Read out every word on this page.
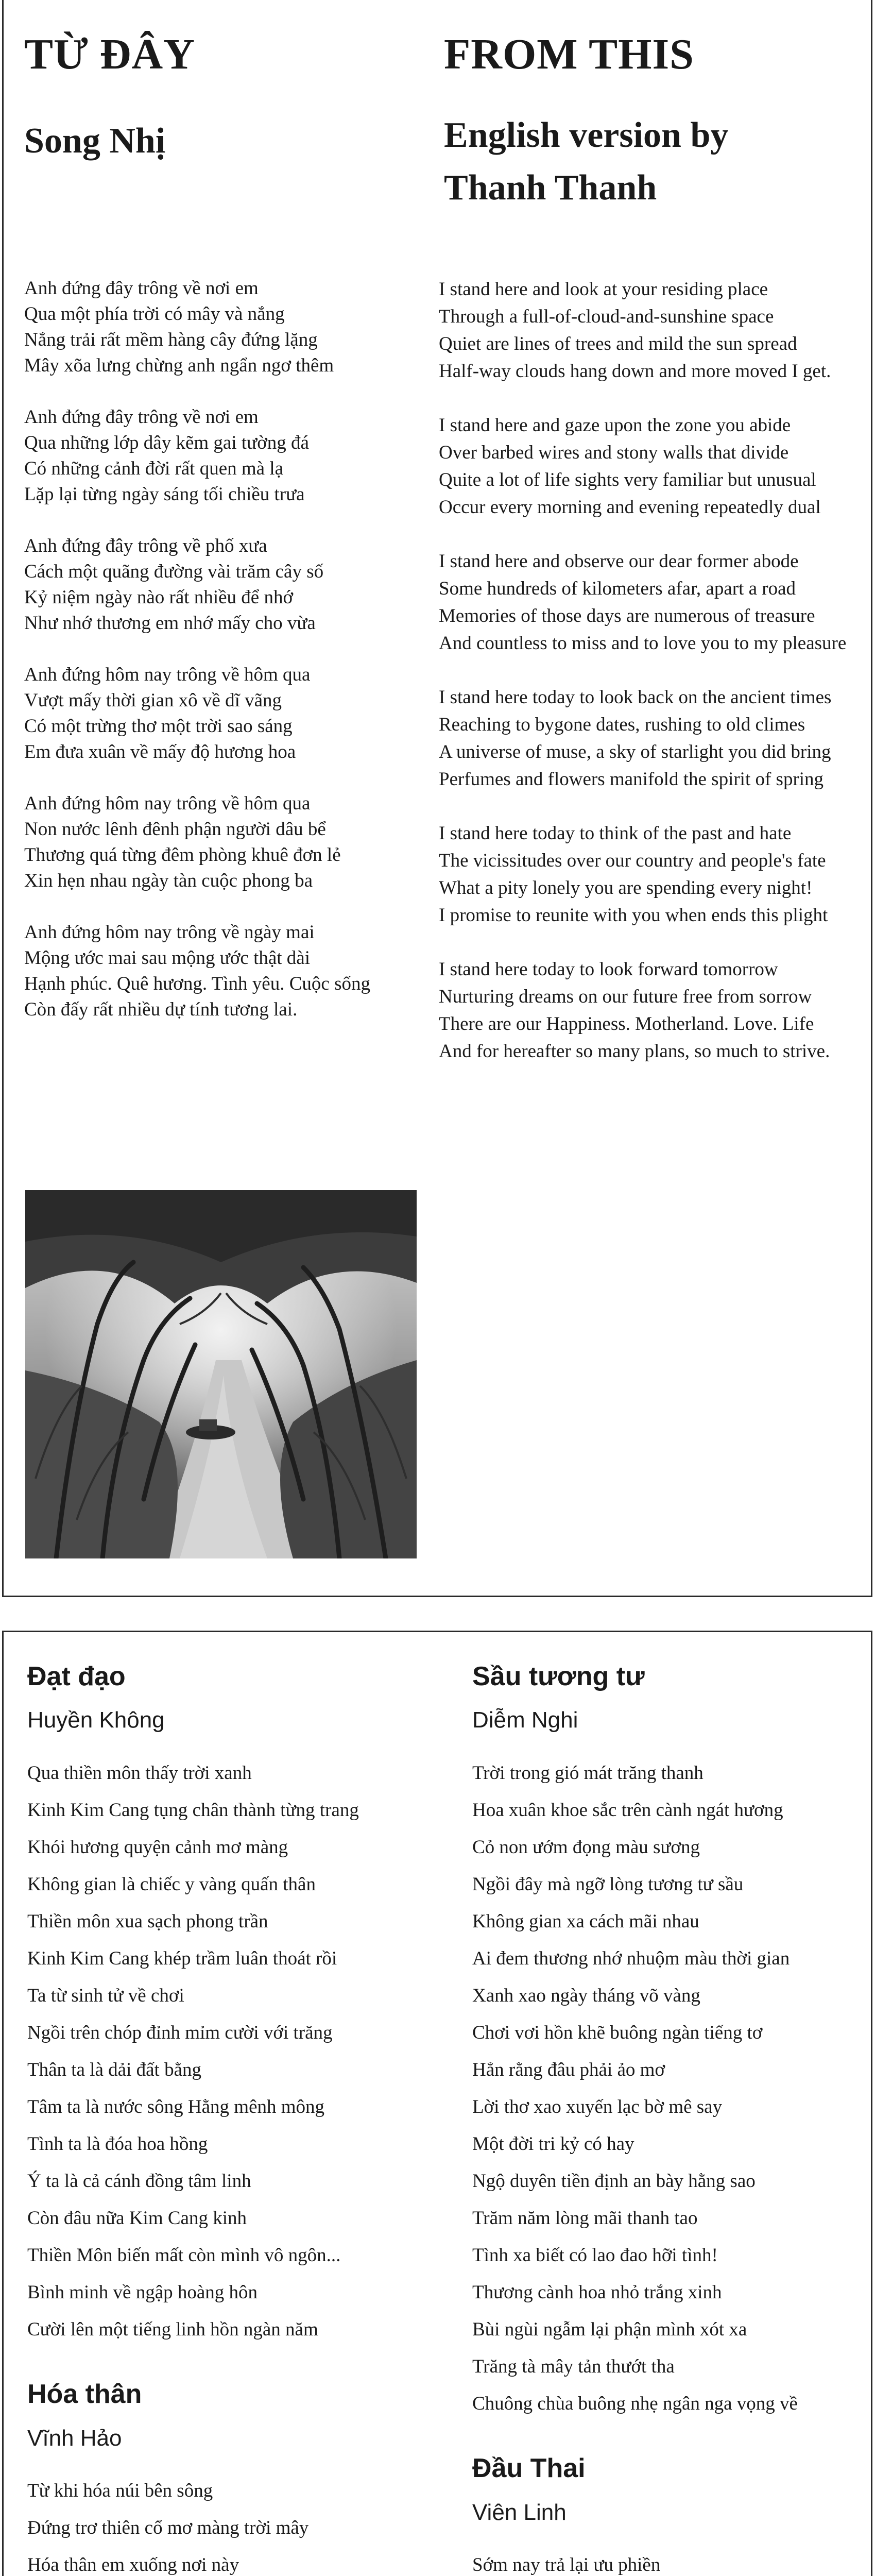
TỪ ĐÂY
Song Nhị
FROM THIS
English version by
Thanh Thanh
Anh đứng đây trông về nơi em
Qua một phía trời có mây và nắng
Nắng trải rất mềm hàng cây đứng lặng
Mây xõa lưng chừng anh ngẩn ngơ thêm
Anh đứng đây trông về nơi em
Qua những lớp dây kẽm gai tường đá
Có những cảnh đời rất quen mà lạ
Lặp lại từng ngày sáng tối chiều trưa
Anh đứng đây trông về phố xưa
Cách một quãng đường vài trăm cây số
Kỷ niệm ngày nào rất nhiều để nhớ
Như nhớ thương em nhớ mấy cho vừa
Anh đứng hôm nay trông về hôm qua
Vượt mấy thời gian xô về dĩ vãng
Có một trừng thơ một trời sao sáng
Em đưa xuân về mấy độ hương hoa
Anh đứng hôm nay trông về hôm qua
Non nước lênh đênh phận người dâu bể
Thương quá từng đêm phòng khuê đơn lẻ
Xin hẹn nhau ngày tàn cuộc phong ba
Anh đứng hôm nay trông về ngày mai
Mộng ước mai sau mộng ước thật dài
Hạnh phúc. Quê hương. Tình yêu. Cuộc sống
Còn đấy rất nhiều dự tính tương lai.
I stand here and look at your residing place
Through a full-of-cloud-and-sunshine space
Quiet are lines of trees and mild the sun spread
Half-way clouds hang down and more moved I get.
I stand here and gaze upon the zone you abide
Over barbed wires and stony walls that divide
Quite a lot of life sights very familiar but unusual
Occur every morning and evening repeatedly dual
I stand here and observe our dear former abode
Some hundreds of kilometers afar, apart a road
Memories of those days are numerous of treasure
And countless to miss and to love you to my pleasure
I stand here today to look back on the ancient times
Reaching to bygone dates, rushing to old climes
A universe of muse, a sky of starlight you did bring
Perfumes and flowers manifold the spirit of spring
I stand here today to think of the past and hate
The vicissitudes over our country and people's fate
What a pity lonely you are spending every night!
I promise to reunite with you when ends this plight
I stand here today to look forward tomorrow
Nurturing dreams on our future free from sorrow
There are our Happiness. Motherland. Love. Life
And for hereafter so many plans, so much to strive.
Đạt đạo
Huyền Không
Qua thiền môn thấy trời xanh
Kinh Kim Cang tụng chân thành từng trang
Khói hương quyện cảnh mơ màng
Không gian là chiếc y vàng quấn thân
Thiền môn xua sạch phong trần
Kinh Kim Cang khép trầm luân thoát rồi
Ta từ sinh tử về chơi
Ngồi trên chóp đỉnh mỉm cười với trăng
Thân ta là dải đất bằng
Tâm ta là nước sông Hằng mênh mông
Tình ta là đóa hoa hồng
Ý ta là cả cánh đồng tâm linh
Còn đâu nữa Kim Cang kinh
Thiền Môn biến mất còn mình vô ngôn...
Bình minh về ngập hoàng hôn
Cười lên một tiếng linh hồn ngàn năm
Hóa thân
Vĩnh Hảo
Từ khi hóa núi bên sông
Đứng trơ thiên cổ mơ màng trời mây
Hóa thân em xuống nơi này
Sầu tương tư
Diễm Nghi
Trời trong gió mát trăng thanh
Hoa xuân khoe sắc trên cành ngát hương
Cỏ non ướm đọng màu sương
Ngồi đây mà ngỡ lòng tương tư sầu
Không gian xa cách mãi nhau
Ai đem thương nhớ nhuộm màu thời gian
Xanh xao ngày tháng võ vàng
Chơi vơi hồn khẽ buông ngàn tiếng tơ
Hẳn rằng đâu phải ảo mơ
Lời thơ xao xuyến lạc bờ mê say
Một đời tri kỷ có hay
Ngộ duyên tiền định an bày hằng sao
Trăm năm lòng mãi thanh tao
Tình xa biết có lao đao hỡi tình!
Thương cành hoa nhỏ trắng xinh
Bùi ngùi ngẫm lại phận mình xót xa
Trăng tà mây tản thướt tha
Chuông chùa buông nhẹ ngân nga vọng về
Đầu Thai
Viên Linh
Sớm nay trả lại ưu phiền
